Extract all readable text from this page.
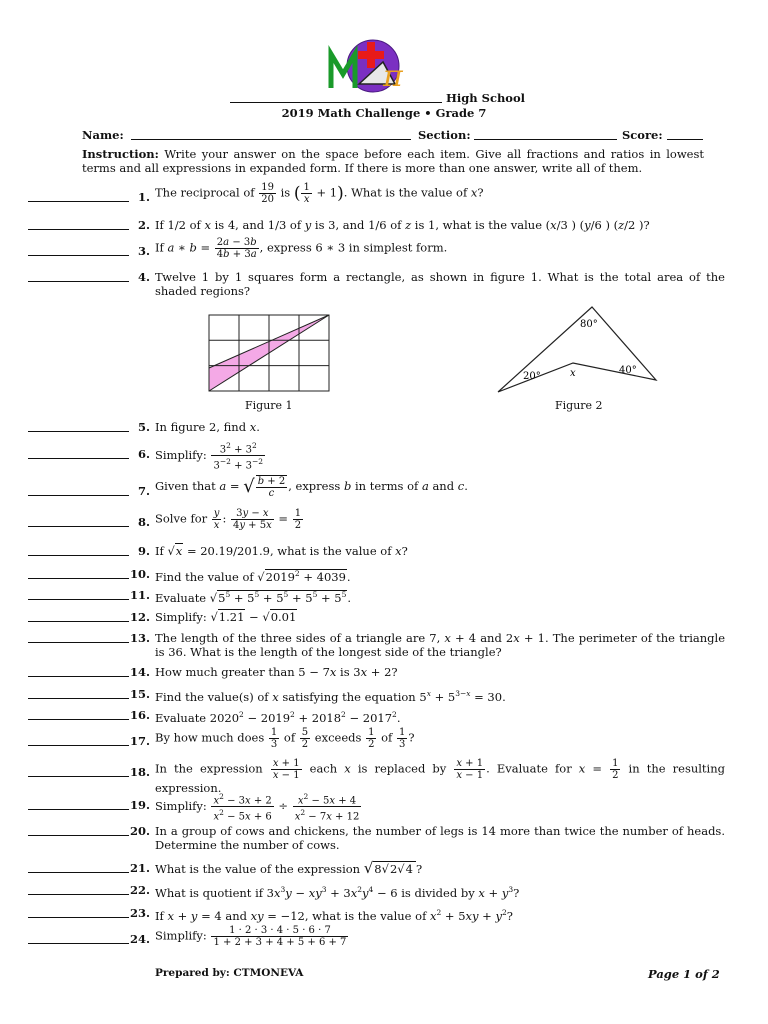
π
High School
2019 Math Challenge • Grade 7
Name:	Section:	Score:
Instruction: Write your answer on the space before each item. Give all fractions and ratios in lowest terms and all expressions in expanded form. If there is more than one answer, write all of them.
1. The reciprocal of $\frac{19}{20}$ is ( $\frac{1}{x} + 1$). What is the value of x?
2. If 1/2 of x is 4, and 1/3 of y is 3, and 1/6 of z is 1, what is the value (x/3 ) (y/6 ) (z/2 )?
3. If a ∗ $b = \frac{2a - 3b}{4b + 3a}$ , express 6 ∗ 3 in simplest form.
4. Twelve 1 by 1 squares form a rectangle, as shown in figure 1. What is the total area of the shaded regions?
Figure 1
80°
20°
40°
x
Figure 2
5. In figure 2, find x.
6. Simplify: $\frac{3^2 + 3^2}{3^{-2} + 3^{-2}}$
7. Given that a = √ $\frac{b + 2}{c}$ , express b in terms of a and c.
8. Solve for $\frac{y}{x}$ : $\frac{3y - x}{4y + 5x} = \frac{1}{2}$
9. If √x = 20.19/201.9, what is the value of x?
10. Find the value of $√2019^2 + 4039$.
11. Evaluate $√5^5 + 5^5 + 5^5 + 5^5 + 5^5$.
12. Simplify: √1.21 − √0.01
13. The length of the three sides of a triangle are 7, x + 4 and 2x + 1. The perimeter of the triangle is 36. What is the length of the longest side of the triangle?
14. How much greater than 5 − 7x is 3x + 2?
15. Find the value(s) of x satisfying the equation $5^x + 5^{3-x} = 30$.
16. Evaluate $2020^2 - 2019^2 + 2018^2 - 2017^2$.
17. By how much does $\frac{1}{3}$ of $\frac{5}{2}$ exceeds $\frac{1}{2}$ of $\frac{1}{3}$ ?
18. In the expression $\frac{x + 1}{x - 1}$ each x is replaced by $\frac{x + 1}{x - 1}$ . Evaluate for $x = \frac{1}{2}$ in the resulting expression.
19. Simplify: $\frac{x^2 - 3x + 2}{x^2 - 5x + 6} \div \frac{x^2 - 5x + 4}{x^2 - 7x + 12}$
20. In a group of cows and chickens, the number of legs is 14 more than twice the number of heads. Determine the number of cows.
21. What is the value of the expression √8√2√4 ?
22. What is quotient if $3x^3y - xy^3 + 3x^2y^4 - 6$ is divided by $x + y^3$?
23. If x + y = 4 and xy = −12, what is the value of $x^2 + 5xy + y^2$?
24. Simplify: $\frac{1 \cdot 2 \cdot 3 \cdot 4 \cdot 5 \cdot 6 \cdot 7}{1 + 2 + 3 + 4 + 5 + 6 + 7}$
Prepared by: CTMONEVA	Page 1 of 2
